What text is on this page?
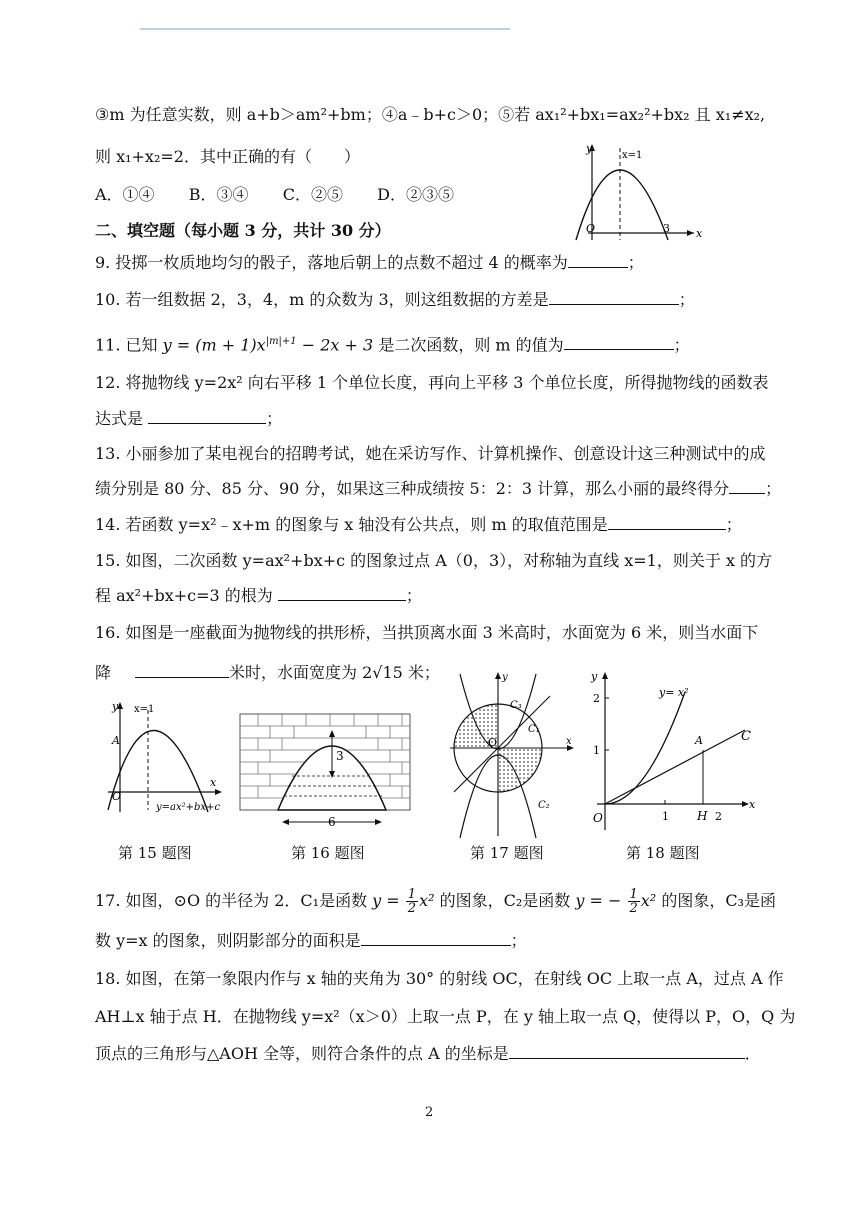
③m 为任意实数，则 a+b＞am²+bm；④a﹣b+c＞0；⑤若 ax₁²+bx₁=ax₂²+bx₂ 且 x₁≠x₂,
则 x₁+x₂=2．其中正确的有（　　）
A．①④ B．③④ C．②⑤ D．②③⑤
y
x
O
x=1
3
二、填空题（每小题 3 分，共计 30 分）
9. 投掷一枚质地均匀的骰子，落地后朝上的点数不超过 4 的概率为	；
10. 若一组数据 2，3，4，m 的众数为 3，则这组数据的方差是	；
11. 已知 $y = (m + 1)x^{|m|+1} - 2x + 3$ 是二次函数，则 m 的值为	；
12. 将抛物线 y=2x² 向右平移 1 个单位长度，再向上平移 3 个单位长度，所得抛物线的函数表
达式是	；
13. 小丽参加了某电视台的招聘考试，她在采访写作、计算机操作、创意设计这三种测试中的成
绩分别是 80 分、85 分、90 分，如果这三种成绩按 5：2：3 计算，那么小丽的最终得分 ；
14. 若函数 y=x²﹣x+m 的图象与 x 轴没有公共点，则 m 的取值范围是	；
15. 如图，二次函数 y=ax²+bx+c 的图象过点 A（0，3），对称轴为直线 x=1，则关于 x 的方
程 ax²+bx+c=3 的根为	；
16. 如图是一座截面为抛物线的拱形桥，当拱顶离水面 3 米高时，水面宽为 6 米，则当水面下
降	米时，水面宽度为 2√15 米；
y x=1
A
O
x
y=ax²+bx+c
第 15 题图
3
6
第 16 题图
y
x
O
C₃
C₁
C₂
第 17 题图
y
y= x²
2
1
A	C
O	1 H 2
x
第 18 题图
17. 如图，⊙O 的半径为 2．C₁是函数 $y = \frac{1}{2} x^2$ 的图象，C₂是函数 y = − $\frac{1}{2} x^2$ 的图象，C₃是函
数 y=x 的图象，则阴影部分的面积是	；
18. 如图，在第一象限内作与 x 轴的夹角为 30° 的射线 OC，在射线 OC 上取一点 A，过点 A 作
AH⊥x 轴于点 H．在抛物线 y=x²（x＞0）上取一点 P，在 y 轴上取一点 Q，使得以 P，O，Q 为
顶点的三角形与△AOH 全等，则符合条件的点 A 的坐标是	．
2
